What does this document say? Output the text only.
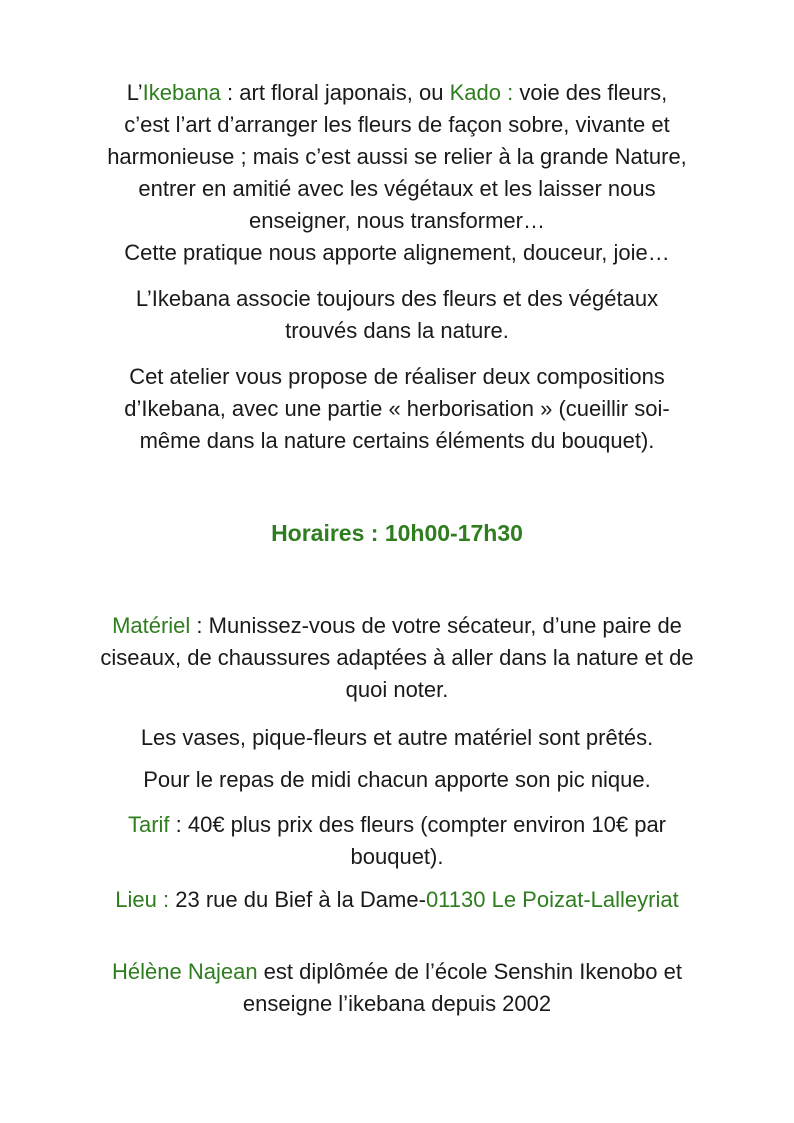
L’Ikebana : art floral japonais, ou Kado : voie des fleurs,
c’est l’art d’arranger les fleurs de façon sobre, vivante et
harmonieuse ; mais c’est aussi se relier à la grande Nature,
entrer en amitié avec les végétaux et les laisser nous
enseigner, nous transformer…
Cette pratique nous apporte alignement, douceur, joie…
L’Ikebana associe toujours des fleurs et des végétaux
trouvés dans la nature.
Cet atelier vous propose de réaliser deux compositions
d’Ikebana, avec une partie « herborisation » (cueillir soi-
même dans la nature certains éléments du bouquet).
Horaires : 10h00-17h30
Matériel : Munissez-vous de votre sécateur, d’une paire de
ciseaux, de chaussures adaptées à aller dans la nature et de
quoi noter.
Les vases, pique-fleurs et autre matériel sont prêtés.
Pour le repas de midi chacun apporte son pic nique.
Tarif : 40€ plus prix des fleurs (compter environ 10€ par
bouquet).
Lieu : 23 rue du Bief à la Dame-01130 Le Poizat-Lalleyriat
Hélène Najean est diplômée de l’école Senshin Ikenobo et
enseigne l’ikebana depuis 2002
